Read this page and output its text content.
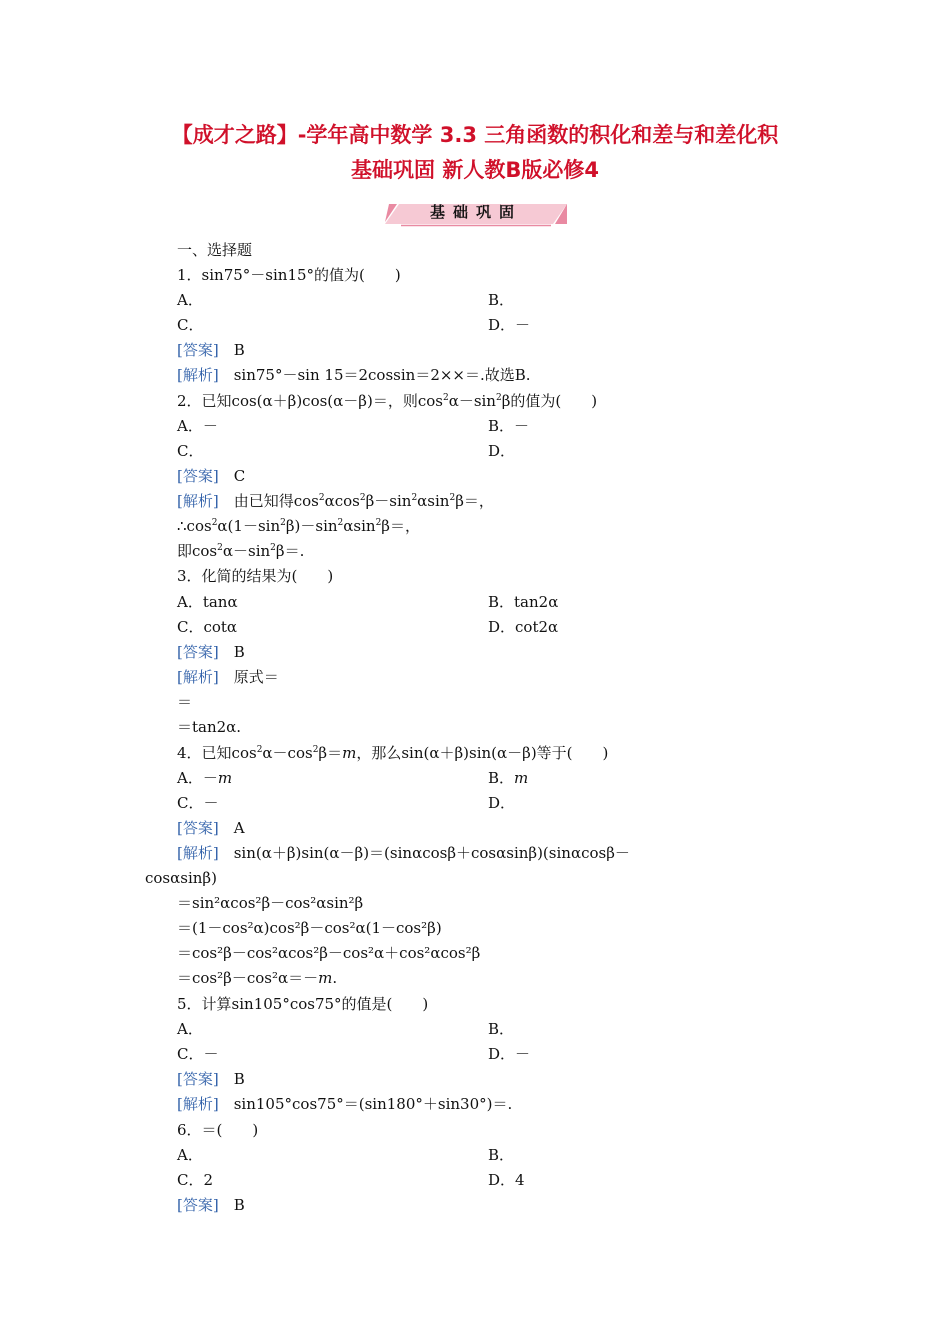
【成才之路】-学年高中数学 3.3 三角函数的积化和差与和差化积
基础巩固 新人教B版必修4
基础巩固
一、选择题
1．sin75°－sin15°的值为(　　)
A．	B．
C．	D．－
[答案]　 B
[解析]　 sin75°－sin 15＝2cossin＝2××＝.故选B.
2．已知cos(α＋β)cos(α－β)＝，则$\cos^2\alpha-\sin^2\beta$的值为(　　)
A．－	B．－
C．	D．
[答案]　 C
[解析]　 由已知得$\cos^2\alpha\cos^2\beta-\sin^2\alpha\sin^2\beta=$，
$\therefore\cos^2\alpha(1-\sin^2\beta)-\sin^2\alpha\sin^2\beta=$，
即$\cos^2\alpha-\sin^2\beta=$.
3．化简的结果为(　　)
A．tanα	B．tan2α
C．cotα	D．cot2α
[答案]　 B
[解析]　 原式＝
＝
＝tan2α.
4．已知$\cos^2\alpha-\cos^2\beta=m$，那么sin(α＋β)sin(α－β)等于(　　)
A．－m	B．m
C．－	D．
[答案]　 A
[解析]　 sin(α＋β)sin(α－β)＝(sinαcosβ＋cosαsinβ)(sinαcosβ－
cosαsinβ)
＝sin²αcos²β－cos²αsin²β
＝(1－cos²α)cos²β－cos²α(1－cos²β)
＝cos²β－cos²αcos²β－cos²α＋cos²αcos²β
＝cos²β－cos²α＝－m.
5．计算sin105°cos75°的值是(　　)
A．	B．
C．－	D．－
[答案]　 B
[解析]　 sin105°cos75°＝(sin180°＋sin30°)＝.
6．＝(　　)
A．	B．
C．2	D．4
[答案]　 B
